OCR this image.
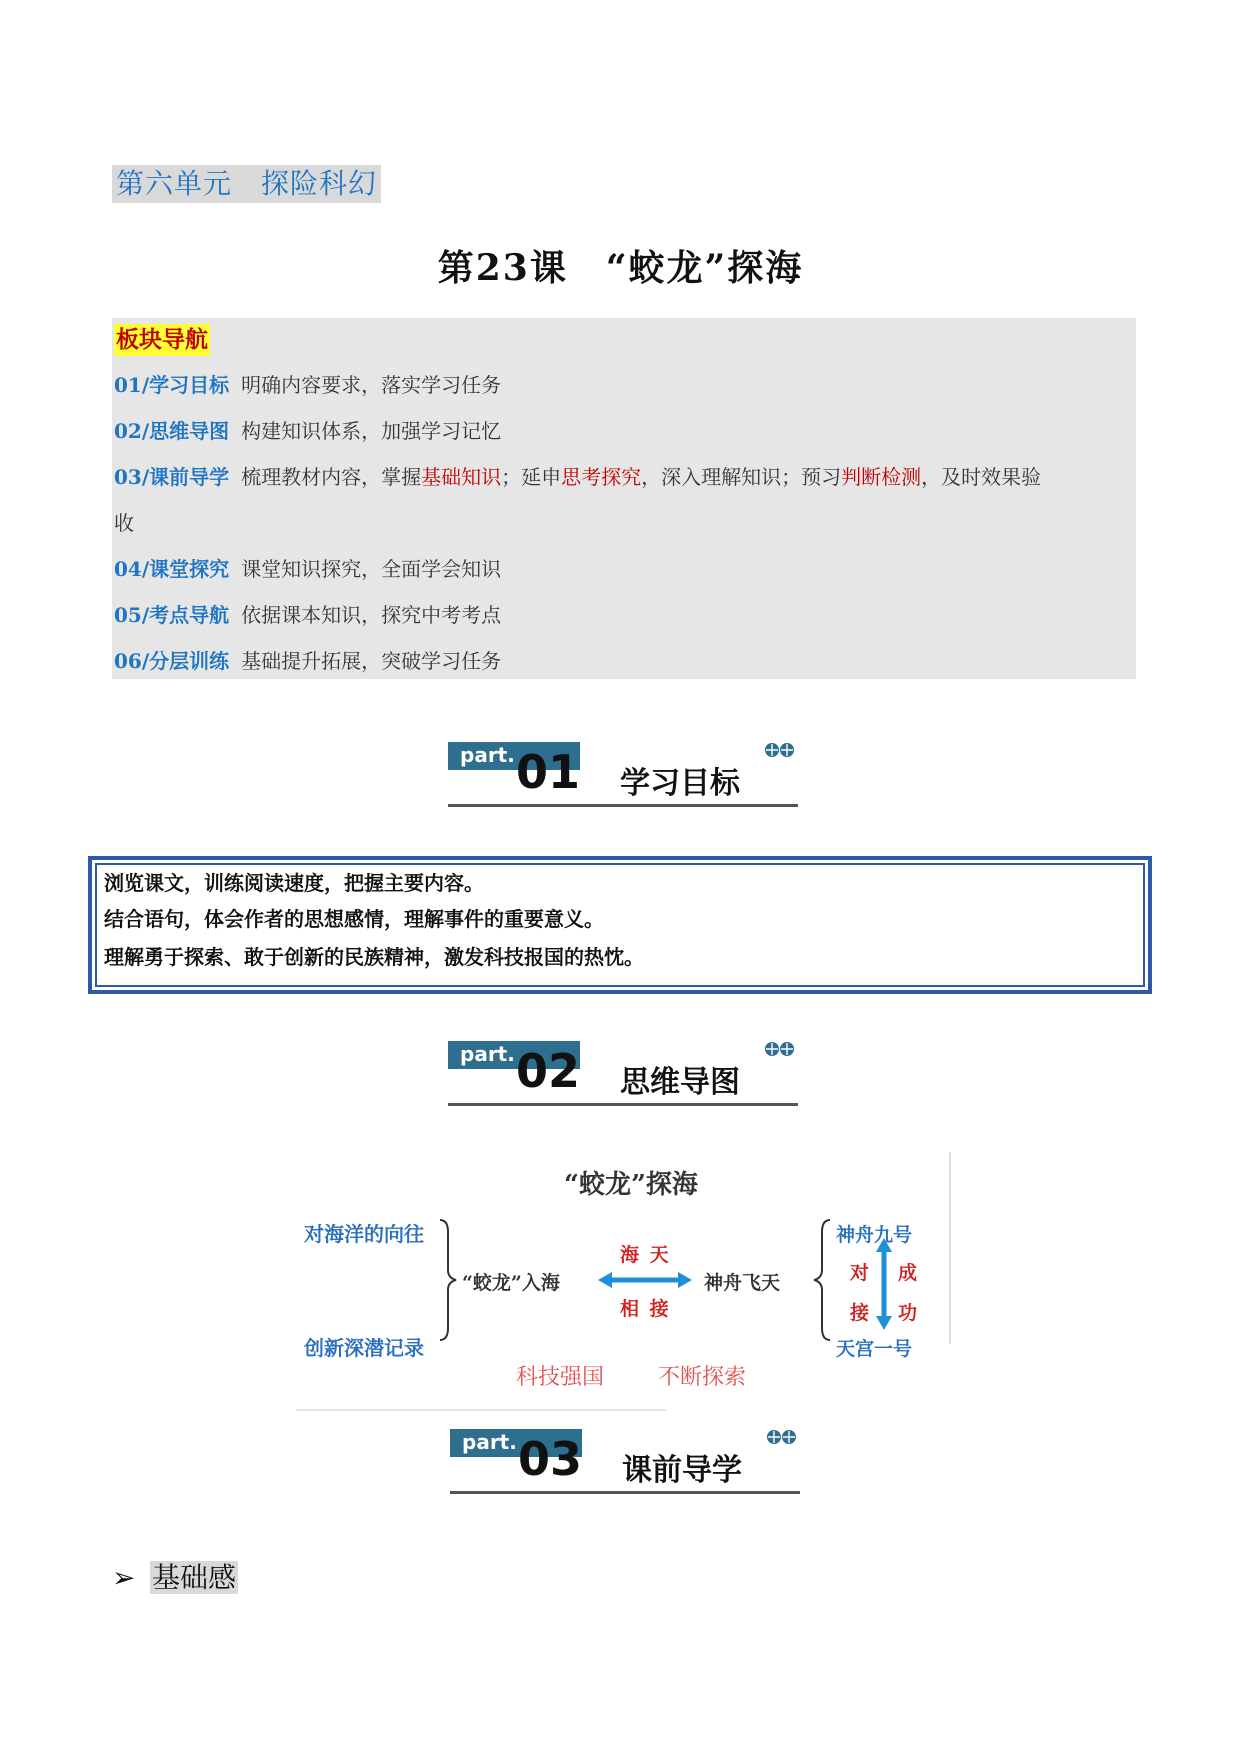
第六单元　探险科幻
第23课　“蛟龙”探海
板块导航
01/学习目标 明确内容要求，落实学习任务
02/思维导图 构建知识体系，加强学习记忆
03/课前导学 梳理教材内容，掌握基础知识；延申思考探究，深入理解知识；预习判断检测，及时效果验
收
04/课堂探究 课堂知识探究，全面学会知识
05/考点导航 依据课本知识，探究中考考点
06/分层训练 基础提升拓展，突破学习任务
part. 01 学习目标
浏览课文，训练阅读速度，把握主要内容。
结合语句，体会作者的思想感情，理解事件的重要意义。
理解勇于探索、敢于创新的民族精神，激发科技报国的热忱。
part. 02 思维导图
“蛟龙”探海
对海洋的向往
创新深潜记录
“蛟龙”入海
海 天
相 接
神舟飞天
神舟九号
天宫一号
对
接
成
功
科技强国 不断探索
part. 03 课前导学
➢ 基础感
